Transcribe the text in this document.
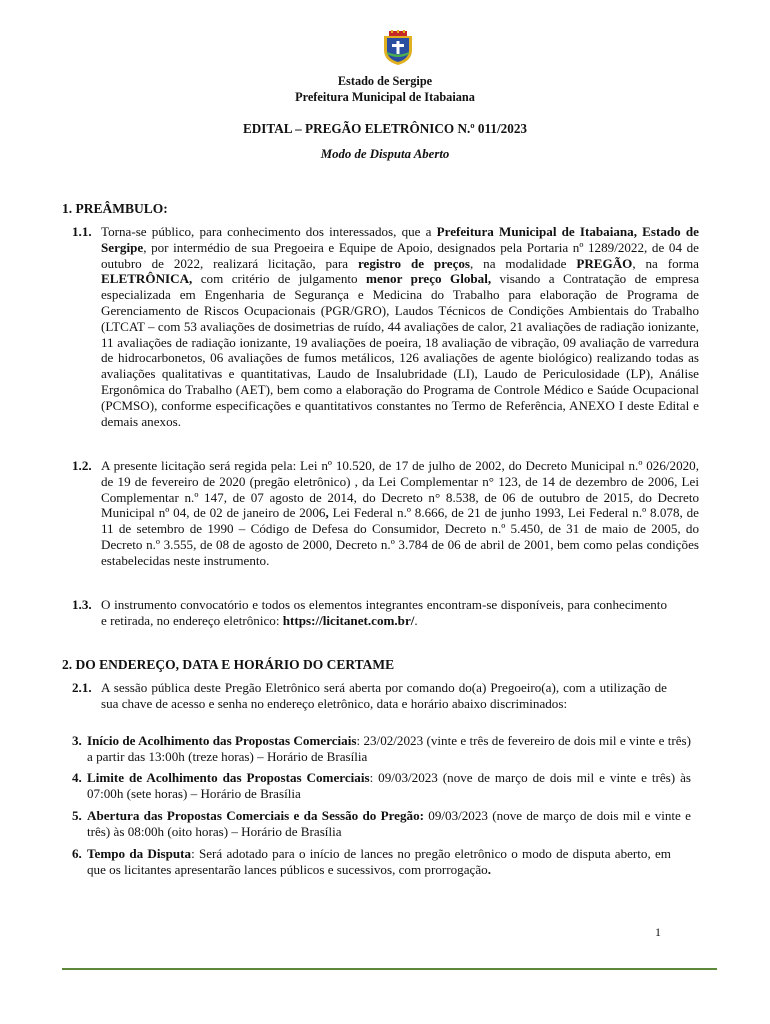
Estado de Sergipe
Prefeitura Municipal de Itabaiana
EDITAL – PREGÃO ELETRÔNICO N.º 011/2023
Modo de Disputa Aberto
1. PREÂMBULO:
1.1. Torna-se público, para conhecimento dos interessados, que a Prefeitura Municipal de Itabaiana, Estado de Sergipe, por intermédio de sua Pregoeira e Equipe de Apoio, designados pela Portaria nº 1289/2022, de 04 de outubro de 2022, realizará licitação, para registro de preços, na modalidade PREGÃO, na forma ELETRÔNICA, com critério de julgamento menor preço Global, visando a Contratação de empresa especializada em Engenharia de Segurança e Medicina do Trabalho para elaboração de Programa de Gerenciamento de Riscos Ocupacionais (PGR/GRO), Laudos Técnicos de Condições Ambientais do Trabalho (LTCAT – com 53 avaliações de dosimetrias de ruído, 44 avaliações de calor, 21 avaliações de radiação ionizante, 11 avaliações de radiação ionizante, 19 avaliações de poeira, 18 avaliação de vibração, 09 avaliação de varredura de hidrocarbonetos, 06 avaliações de fumos metálicos, 126 avaliações de agente biológico) realizando todas as avaliações qualitativas e quantitativas, Laudo de Insalubridade (LI), Laudo de Periculosidade (LP), Análise Ergonômica do Trabalho (AET), bem como a elaboração do Programa de Controle Médico e Saúde Ocupacional (PCMSO), conforme especificações e quantitativos constantes no Termo de Referência, ANEXO I deste Edital e demais anexos.
1.2. A presente licitação será regida pela: Lei nº 10.520, de 17 de julho de 2002, do Decreto Municipal n.º 026/2020, de 19 de fevereiro de 2020 (pregão eletrônico) , da Lei Complementar n° 123, de 14 de dezembro de 2006, Lei Complementar n.º 147, de 07 agosto de 2014, do Decreto n° 8.538, de 06 de outubro de 2015, do Decreto Municipal nº 04, de 02 de janeiro de 2006, Lei Federal n.º 8.666, de 21 de junho 1993, Lei Federal n.º 8.078, de 11 de setembro de 1990 – Código de Defesa do Consumidor, Decreto n.º 5.450, de 31 de maio de 2005, do Decreto n.º 3.555, de 08 de agosto de 2000, Decreto n.º 3.784 de 06 de abril de 2001, bem como pelas condições estabelecidas neste instrumento.
1.3. O instrumento convocatório e todos os elementos integrantes encontram-se disponíveis, para conhecimento e retirada, no endereço eletrônico: https://licitanet.com.br/.
2. DO ENDEREÇO, DATA E HORÁRIO DO CERTAME
2.1. A sessão pública deste Pregão Eletrônico será aberta por comando do(a) Pregoeiro(a), com a utilização de sua chave de acesso e senha no endereço eletrônico, data e horário abaixo discriminados:
3. Início de Acolhimento das Propostas Comerciais: 23/02/2023 (vinte e três de fevereiro de dois mil e vinte e três) a partir das 13:00h (treze horas) – Horário de Brasília
4. Limite de Acolhimento das Propostas Comerciais: 09/03/2023 (nove de março de dois mil e vinte e três) às 07:00h (sete horas) – Horário de Brasília
5. Abertura das Propostas Comerciais e da Sessão do Pregão: 09/03/2023 (nove de março de dois mil e vinte e três) às 08:00h (oito horas) – Horário de Brasília
6. Tempo da Disputa: Será adotado para o início de lances no pregão eletrônico o modo de disputa aberto, em que os licitantes apresentarão lances públicos e sucessivos, com prorrogação.
1
